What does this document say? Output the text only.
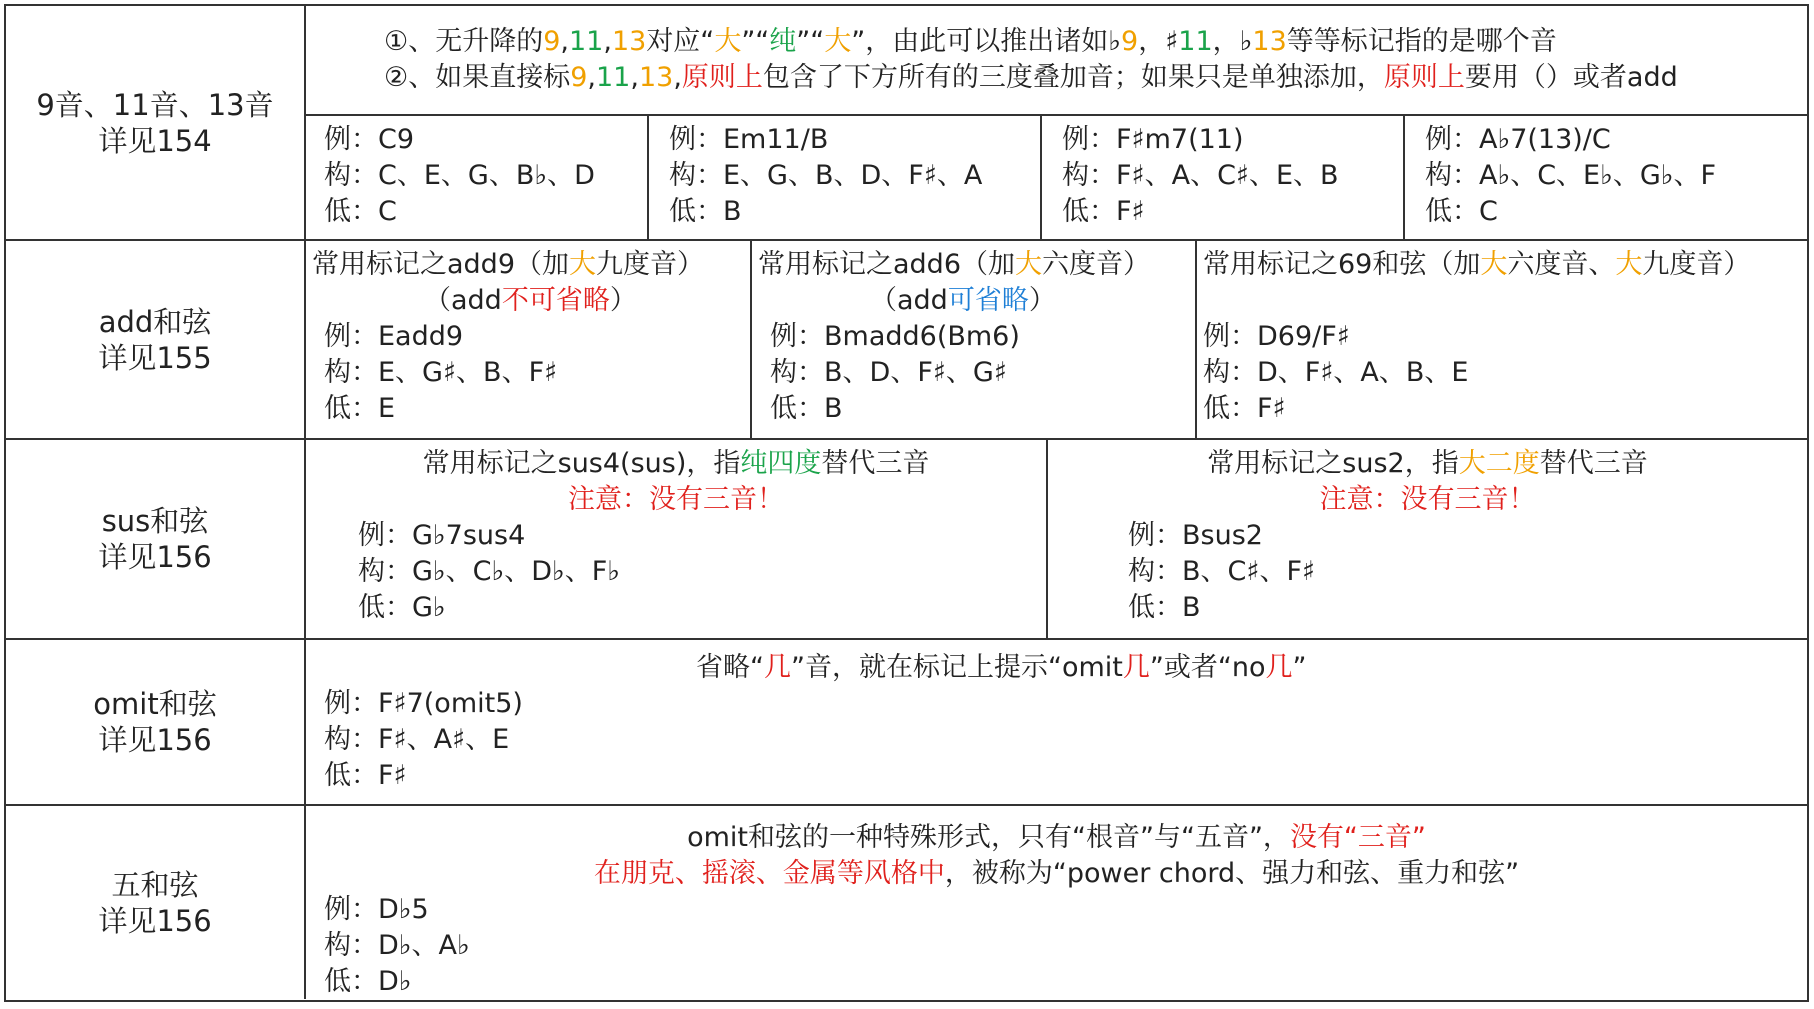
9音、11音、13音
详见154
①、无升降的9,11,13对应“大”“纯”“大”，由此可以推出诸如♭9，♯11，♭13等等标记指的是哪个音
②、如果直接标9,11,13,原则上包含了下方所有的三度叠加音；如果只是单独添加，原则上要用（）或者add
例：C9
构：C、E、G、B♭、D
低：C
例：Em11/B
构：E、G、B、D、F♯、A
低：B
例：F♯m7(11)
构：F♯、A、C♯、E、B
低：F♯
例：A♭7(13)/C
构：A♭、C、E♭、G♭、F
低：C
add和弦
详见155
常用标记之add9（加大九度音）
（add不可省略）
例：Eadd9
构：E、G♯、B、F♯
低：E
常用标记之add6（加大六度音）
（add可省略）
例：Bmadd6(Bm6)
构：B、D、F♯、G♯
低：B
常用标记之69和弦（加大六度音、大九度音）
例：D69/F♯
构：D、F♯、A、B、E
低：F♯
sus和弦
详见156
常用标记之sus4(sus)，指纯四度替代三音
注意：没有三音！
例：G♭7sus4
构：G♭、C♭、D♭、F♭
低：G♭
常用标记之sus2，指大二度替代三音
注意：没有三音！
例：Bsus2
构：B、C♯、F♯
低：B
omit和弦
详见156
省略“几”音，就在标记上提示“omit几”或者“no几”
例：F♯7(omit5)
构：F♯、A♯、E
低：F♯
五和弦
详见156
omit和弦的一种特殊形式，只有“根音”与“五音”，没有“三音”
在朋克、摇滚、金属等风格中，被称为“power chord、强力和弦、重力和弦”
例：D♭5
构：D♭、A♭
低：D♭
